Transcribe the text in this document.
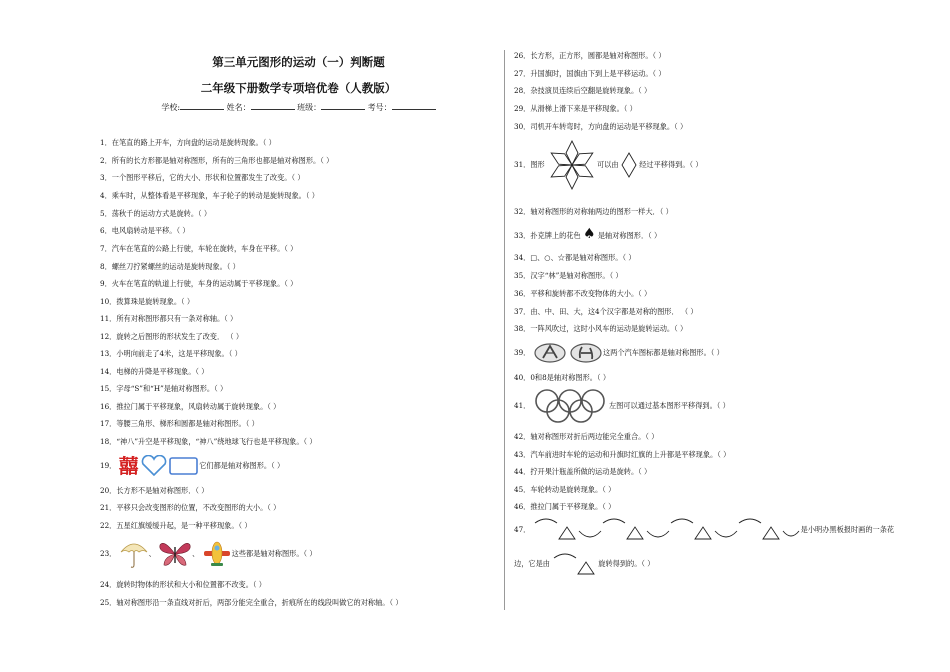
第三单元图形的运动（一）判断题
二年级下册数学专项培优卷（人教版）
学校:	姓名：	班级：	考号：
1．在笔直的路上开车，方向盘的运动是旋转现象。（ ）
2．所有的长方形都是轴对称图形，所有的三角形也都是轴对称图形。（ ）
3．一个图形平移后，它的大小、形状和位置都发生了改变。（ ）
4．乘车时，从整体看是平移现象，车子轮子的转动是旋转现象。（ ）
5．荡秋千的运动方式是旋转。（ ）
6．电风扇转动是平移。（ ）
7．汽车在笔直的公路上行驶，车轮在旋转，车身在平移。（ ）
8．螺丝刀拧紧螺丝的运动是旋转现象。（ ）
9．火车在笔直的轨道上行驶，车身的运动属于平移现象。（ ）
10．拨算珠是旋转现象。（ ）
11．所有对称图形都只有一条对称轴。（ ）
12．旋转之后图形的形状发生了改变． （ ）
13．小明向前走了4米，这是平移现象。（ ）
14．电梯的升降是平移现象。（ ）
15．字母“S”和“H”是轴对称图形。（ ）
16．推拉门属于平移现象，风扇转动属于旋转现象。（ ）
17．等腰三角形、梯形和圆都是轴对称图形。（ ）
18．“神八”升空是平移现象，“神八”绕地球飞行也是平移现象。（ ）
19． 囍	它们都是轴对称图形。（ ）
20．长方形不是轴对称图形．（ ）
21．平移只会改变图形的位置，不改变图形的大小。（ ）
22．五星红旗缓缓升起，是一种平移现象。（ ）
23．	、	、	这些都是轴对称图形。（ ）
24．旋转时物体的形状和大小和位置都不改变。（ ）
25．轴对称图形沿一条直线对折后，两部分能完全重合，折痕所在的线段叫做它的对称轴。（ ）
26．长方形，正方形，圆都是轴对称图形。（ ）
27．升国旗时，国旗由下到上是平移运动。（ ）
28．杂技演员连续后空翻是旋转现象。（ ）
29．从滑梯上滑下来是平移现象。（ ）
30．司机开车转弯时，方向盘的运动是平移现象。（ ）
31．图形	可以由	经过平移得到。（ ）
32．轴对称图形的对称轴两边的图形一样大．（ ）
33．扑克牌上的花色 ♠ 是轴对称图形．（ ）
34．□、○、☆都是轴对称图形。（ ）
35．汉字“林”是轴对称图形。（ ）
36．平移和旋转都不改变物体的大小。（ ）
37．由、中、田、大，这4个汉字都是对称的图形． （ ）
38．一阵风吹过，这时小风车的运动是旋转运动。（ ）
39．	这两个汽车图标都是轴对称图形。（ ）
40．0和8是轴对称图形。（ ）
41．	左图可以通过基本图形平移得到。（ ）
42．轴对称图形对折后两边能完全重合。（ ）
43．汽车前进时车轮的运动和升旗时红旗的上升都是平移现象。（ ）
44．拧开果汁瓶盖所做的运动是旋转。（ ）
45．车轮转动是旋转现象。（ ）
46．推拉门属于平移现象。（ ）
47．	是小明办黑板报时画的一条花
边，它是由	旋转得到的。（ ）
